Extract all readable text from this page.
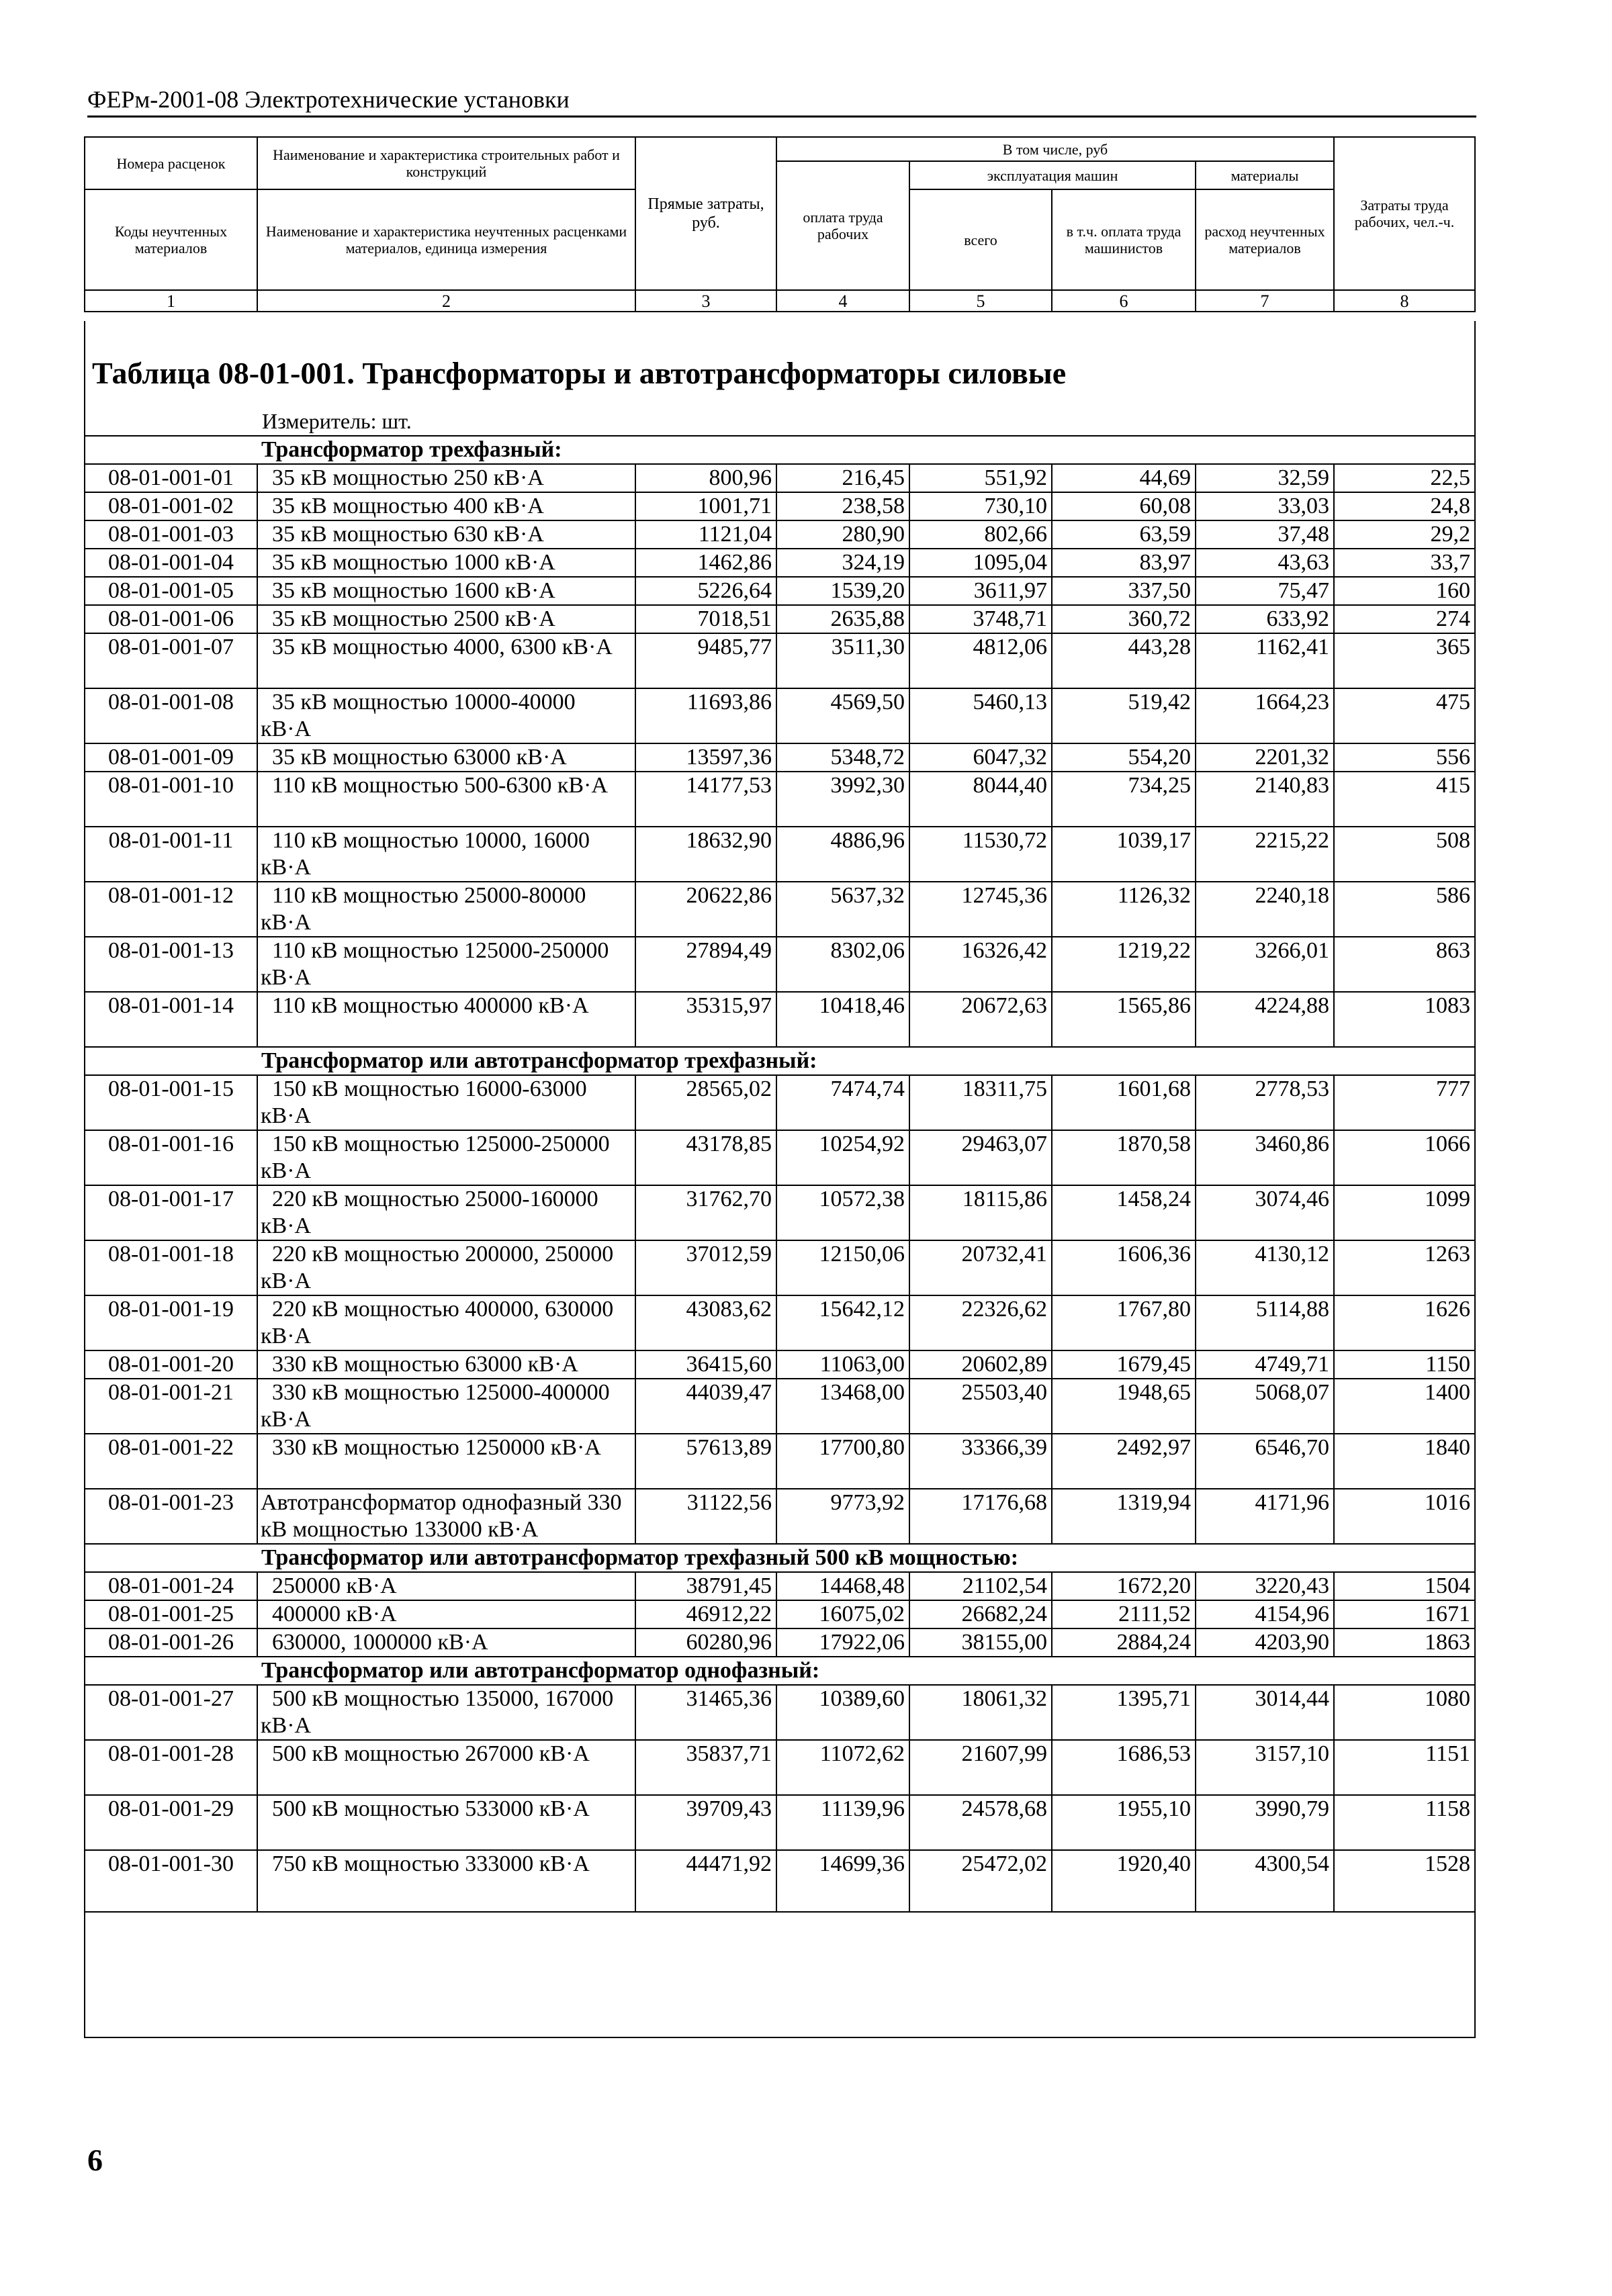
ФЕРм-2001-08 Электротехнические установки
Номера расценок	Наименование и характеристика строительных работ и конструкций	Прямые затраты, руб.	В том числе, руб				Затраты труда рабочих, чел.-ч.
			оплата труда рабочих	эксплуатация машин		материалы	
Коды неучтенных материалов	Наименование и характеристика неучтенных расценками материалов, единица измерения			всего	в т.ч. оплата труда машинистов	расход неучтенных материалов	

1	2	3	4	5	6	7	8
Таблица 08-01-001. Трансформаторы и автотрансформаторы силовые
Измеритель: шт.
Трансформатор трехфазный:							
08-01-001-01	35 кВ мощностью 250 кВ·А	800,96	216,45	551,92	44,69	32,59	22,5
08-01-001-02	35 кВ мощностью 400 кВ·А	1001,71	238,58	730,10	60,08	33,03	24,8
08-01-001-03	35 кВ мощностью 630 кВ·А	1121,04	280,90	802,66	63,59	37,48	29,2
08-01-001-04	35 кВ мощностью 1000 кВ·А	1462,86	324,19	1095,04	83,97	43,63	33,7
08-01-001-05	35 кВ мощностью 1600 кВ·А	5226,64	1539,20	3611,97	337,50	75,47	160
08-01-001-06	35 кВ мощностью 2500 кВ·А	7018,51	2635,88	3748,71	360,72	633,92	274
08-01-001-07	35 кВ мощностью 4000, 6300 кВ·А	9485,77	3511,30	4812,06	443,28	1162,41	365
08-01-001-08	35 кВ мощностью 10000-40000 кВ·А	11693,86	4569,50	5460,13	519,42	1664,23	475
08-01-001-09	35 кВ мощностью 63000 кВ·А	13597,36	5348,72	6047,32	554,20	2201,32	556
08-01-001-10	110 кВ мощностью 500-6300 кВ·А	14177,53	3992,30	8044,40	734,25	2140,83	415
08-01-001-11	110 кВ мощностью 10000, 16000 кВ·А	18632,90	4886,96	11530,72	1039,17	2215,22	508
08-01-001-12	110 кВ мощностью 25000-80000 кВ·А	20622,86	5637,32	12745,36	1126,32	2240,18	586
08-01-001-13	110 кВ мощностью 125000-250000 кВ·А	27894,49	8302,06	16326,42	1219,22	3266,01	863
08-01-001-14	110 кВ мощностью 400000 кВ·А	35315,97	10418,46	20672,63	1565,86	4224,88	1083
Трансформатор или автотрансформатор трехфазный:							
08-01-001-15	150 кВ мощностью 16000-63000 кВ·А	28565,02	7474,74	18311,75	1601,68	2778,53	777
08-01-001-16	150 кВ мощностью 125000-250000 кВ·А	43178,85	10254,92	29463,07	1870,58	3460,86	1066
08-01-001-17	220 кВ мощностью 25000-160000 кВ·А	31762,70	10572,38	18115,86	1458,24	3074,46	1099
08-01-001-18	220 кВ мощностью 200000, 250000 кВ·А	37012,59	12150,06	20732,41	1606,36	4130,12	1263
08-01-001-19	220 кВ мощностью 400000, 630000 кВ·А	43083,62	15642,12	22326,62	1767,80	5114,88	1626
08-01-001-20	330 кВ мощностью 63000 кВ·А	36415,60	11063,00	20602,89	1679,45	4749,71	1150
08-01-001-21	330 кВ мощностью 125000-400000 кВ·А	44039,47	13468,00	25503,40	1948,65	5068,07	1400
08-01-001-22	330 кВ мощностью 1250000 кВ·А	57613,89	17700,80	33366,39	2492,97	6546,70	1840
08-01-001-23	Автотрансформатор однофазный 330 кВ мощностью 133000 кВ·А	31122,56	9773,92	17176,68	1319,94	4171,96	1016
Трансформатор или автотрансформатор трехфазный 500 кВ мощностью:							
08-01-001-24	250000 кВ·А	38791,45	14468,48	21102,54	1672,20	3220,43	1504
08-01-001-25	400000 кВ·А	46912,22	16075,02	26682,24	2111,52	4154,96	1671
08-01-001-26	630000, 1000000 кВ·А	60280,96	17922,06	38155,00	2884,24	4203,90	1863
Трансформатор или автотрансформатор однофазный:							
08-01-001-27	500 кВ мощностью 135000, 167000 кВ·А	31465,36	10389,60	18061,32	1395,71	3014,44	1080
08-01-001-28	500 кВ мощностью 267000 кВ·А	35837,71	11072,62	21607,99	1686,53	3157,10	1151
08-01-001-29	500 кВ мощностью 533000 кВ·А	39709,43	11139,96	24578,68	1955,10	3990,79	1158
08-01-001-30	750 кВ мощностью 333000 кВ·А	44471,92	14699,36	25472,02	1920,40	4300,54	1528
6
